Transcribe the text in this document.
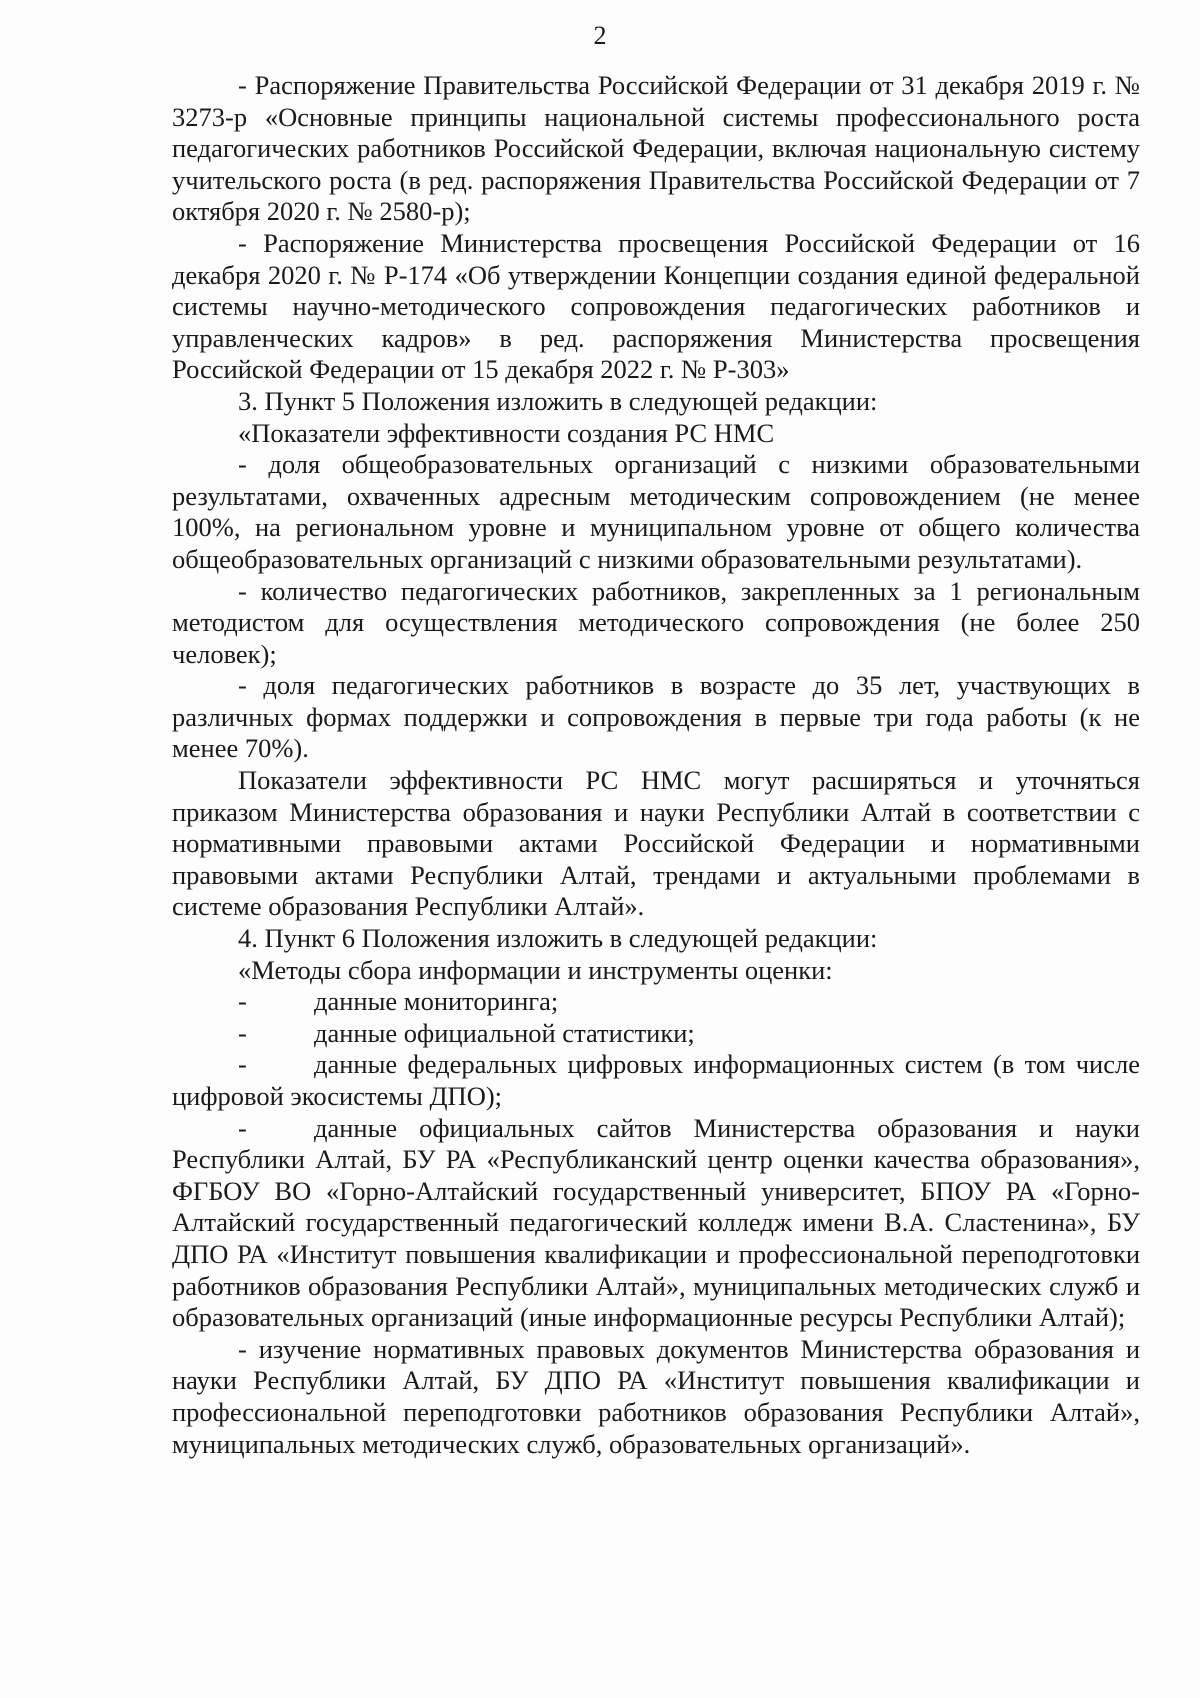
2

- Распоряжение Правительства Российской Федерации от 31 декабря 2019 г. № 3273-р «Основные принципы национальной системы профессионального роста педагогических работников Российской Федерации, включая национальную систему учительского роста (в ред. распоряжения Правительства Российской Федерации от 7 октября 2020 г. № 2580-р);

- Распоряжение Министерства просвещения Российской Федерации от 16 декабря 2020 г. № Р-174 «Об утверждении Концепции создания единой федеральной системы научно-методического сопровождения педагогических работников и управленческих кадров» в ред. распоряжения Министерства просвещения Российской Федерации от 15 декабря 2022 г. № Р-303»

3. Пункт 5 Положения изложить в следующей редакции:

«Показатели эффективности создания РС НМС

- доля общеобразовательных организаций с низкими образовательными результатами, охваченных адресным методическим сопровождением (не менее 100%, на региональном уровне и муниципальном уровне от общего количества общеобразовательных организаций с низкими образовательными результатами).

- количество педагогических работников, закрепленных за 1 региональным методистом для осуществления методического сопровождения (не более 250 человек);

- доля педагогических работников в возрасте до 35 лет, участвующих в различных формах поддержки и сопровождения в первые три года работы (к не менее 70%).

Показатели эффективности РС НМС могут расширяться и уточняться приказом Министерства образования и науки Республики Алтай в соответствии с нормативными правовыми актами Российской Федерации и нормативными правовыми актами Республики Алтай, трендами и актуальными проблемами в системе образования Республики Алтай».

4. Пункт 6 Положения изложить в следующей редакции:

«Методы сбора информации и инструменты оценки:

-	данные мониторинга;

-	данные официальной статистики;

-	данные федеральных цифровых информационных систем (в том числе цифровой экосистемы ДПО);

-	данные официальных сайтов Министерства образования и науки Республики Алтай, БУ РА «Республиканский центр оценки качества образования», ФГБОУ ВО «Горно-Алтайский государственный университет, БПОУ РА «Горно-Алтайский государственный педагогический колледж имени В.А. Сластенина», БУ ДПО РА «Институт повышения квалификации и профессиональной переподготовки работников образования Республики Алтай», муниципальных методических служб и образовательных организаций (иные информационные ресурсы Республики Алтай);

- изучение нормативных правовых документов Министерства образования и науки Республики Алтай, БУ ДПО РА «Институт повышения квалификации и профессиональной переподготовки работников образования Республики Алтай», муниципальных методических служб, образовательных организаций».
